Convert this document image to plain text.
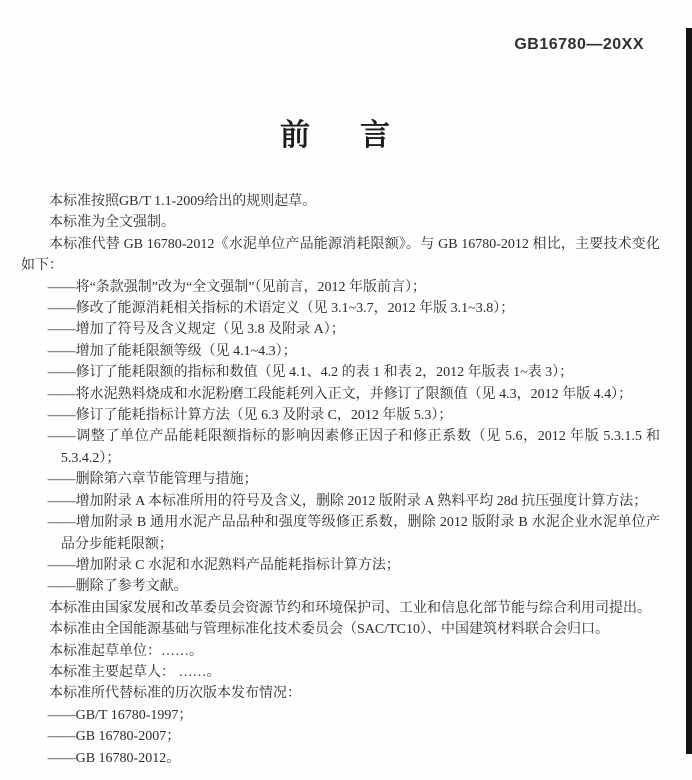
GB16780—20XX
前　言

本标准按照GB/T 1.1-2009给出的规则起草。

本标准为全文强制。

本标准代替 GB 16780-2012《水泥单位产品能源消耗限额》。与 GB 16780-2012 相比，主要技术变化如下：

——将“条款强制”改为“全文强制”（见前言，2012 年版前言）；

——修改了能源消耗相关指标的术语定义（见 3.1~3.7，2012 年版 3.1~3.8）；

——增加了符号及含义规定（见 3.8 及附录 A）；

——增加了能耗限额等级（见 4.1~4.3）；

——修订了能耗限额的指标和数值（见 4.1、4.2 的表 1 和表 2，2012 年版表 1~表 3）；

——将水泥熟料烧成和水泥粉磨工段能耗列入正文，并修订了限额值（见 4.3，2012 年版 4.4）；

——修订了能耗指标计算方法（见 6.3 及附录 C，2012 年版 5.3）；

——调整了单位产品能耗限额指标的影响因素修正因子和修正系数（见 5.6，2012 年版 5.3.1.5 和 5.3.4.2）；

——删除第六章节能管理与措施；

——增加附录 A 本标准所用的符号及含义，删除 2012 版附录 A 熟料平均 28d 抗压强度计算方法；

——增加附录 B 通用水泥产品品种和强度等级修正系数，删除 2012 版附录 B 水泥企业水泥单位产品分步能耗限额；

——增加附录 C 水泥和水泥熟料产品能耗指标计算方法；

——删除了参考文献。

本标准由国家发展和改革委员会资源节约和环境保护司、工业和信息化部节能与综合利用司提出。

本标准由全国能源基础与管理标准化技术委员会（SAC/TC10）、中国建筑材料联合会归口。

本标准起草单位：……。

本标准主要起草人： ……。

本标准所代替标准的历次版本发布情况：

——GB/T 16780-1997；

——GB 16780-2007；

——GB 16780-2012。
